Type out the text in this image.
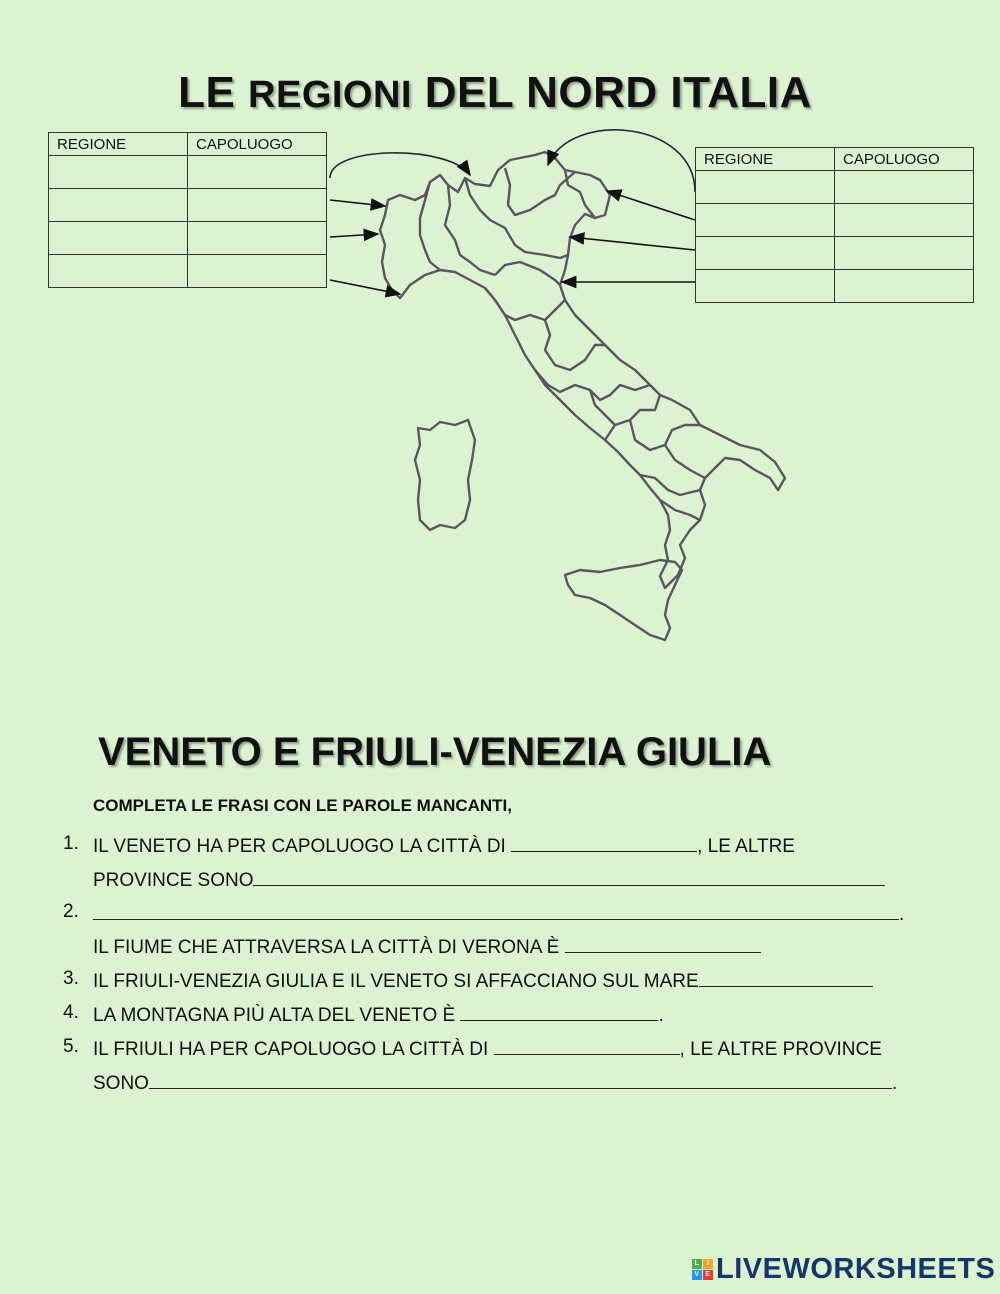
LE REGIONI DEL NORD ITALIA
REGIONE	CAPOLUOGO

REGIONE	CAPOLUOGO

VENETO E FRIULI-VENEZIA GIULIA
COMPLETA LE FRASI CON LE PAROLE MANCANTI,
1. IL VENETO HA PER CAPOLUOGO LA CITTÀ DI	, LE ALTRE
PROVINCE SONO
2.	.
IL FIUME CHE ATTRAVERSA LA CITTÀ DI VERONA È
3. IL FRIULI-VENEZIA GIULIA E IL VENETO SI AFFACCIANO SUL MARE
4. LA MONTAGNA PIÙ ALTA DEL VENETO È	.
5. IL FRIULI HA PER CAPOLUOGO LA CITTÀ DI	, LE ALTRE PROVINCE
SONO	.
L	I
V E LIVEWORKSHEETS
